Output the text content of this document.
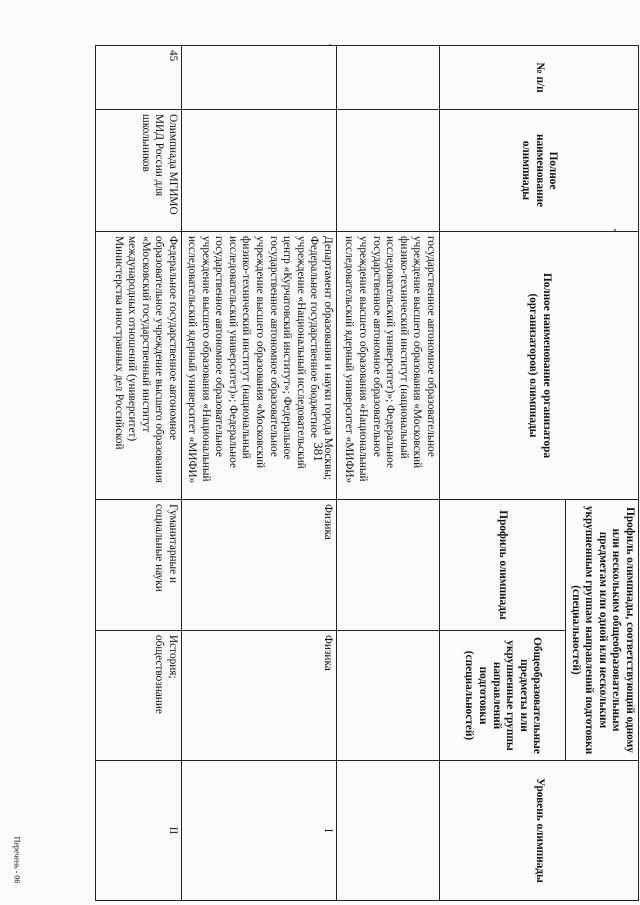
381
№ п/п	Полное наименование олимпиады	Полное наименование организатора (организаторов) олимпиады	Профиль олимпиады, соответствующий одному или нескольким общеобразовательным предметам или одной или нескольким укрупненным группам направлений подготовки (специальностей)		Уровень олимпиады
			Профиль олимпиады	Общеобразовательные предметы или укрупненные группы направлений подготовки (специальностей)	
		государственное автономное образовательное учреждение высшего образования «Московский физико-технический институт (национальный исследовательский университет)»; Федеральное государственное автономное образовательное учреждение высшего образования «Национальный исследовательский ядерный университет «МИФИ»			
		Департамент образования и науки города Москвы; Федеральное государственное бюджетное учреждение «Национальный исследовательский центр «Курчатовский институт»; Федеральное государственное автономное образовательное учреждение высшего образования «Московский физико-технический институт (национальный исследовательский университет)»; Федеральное государственное автономное образовательное учреждение высшего образования «Национальный исследовательский ядерный университет «МИФИ»	Физика	Физика	I
45	Олимпиада МГИМО МИД России для школьников	Федеральное государственное автономное образовательное учреждение высшего образования «Московский государственный институт международных отношений (университет) Министерства иностранных дел Российской	Гуманитарные и социальные науки	История; обществознание	II
Перечень - 06
